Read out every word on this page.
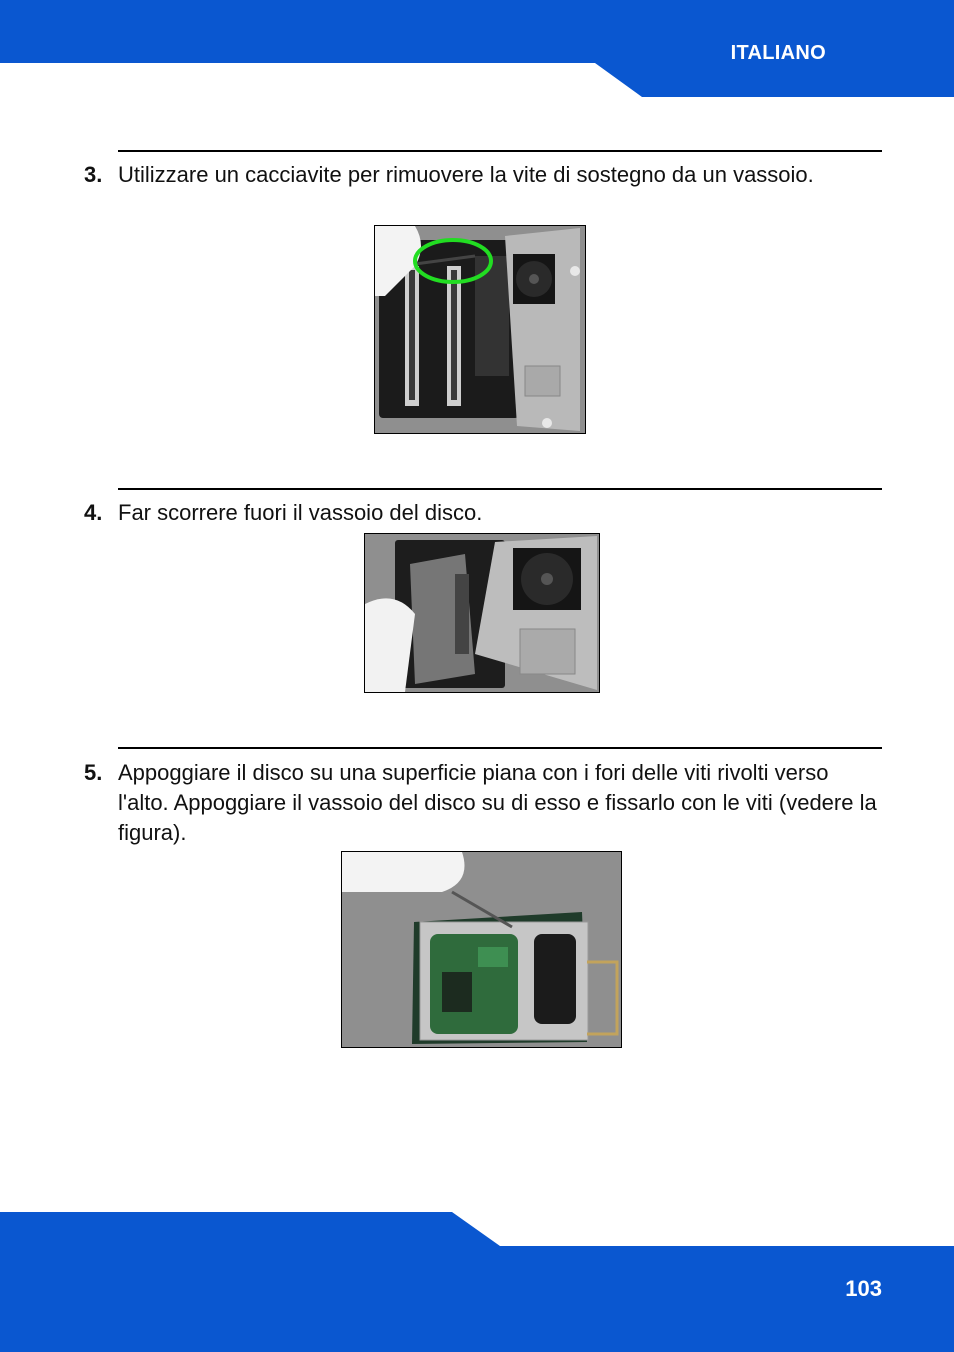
ITALIANO
3. Utilizzare un cacciavite per rimuovere la vite di sostegno da un vassoio.
4. Far scorrere fuori il vassoio del disco.
5. Appoggiare il disco su una superficie piana con i fori delle viti rivolti verso l'alto. Appoggiare il vassoio del disco su di esso e fissarlo con le viti (vedere la figura).
103
